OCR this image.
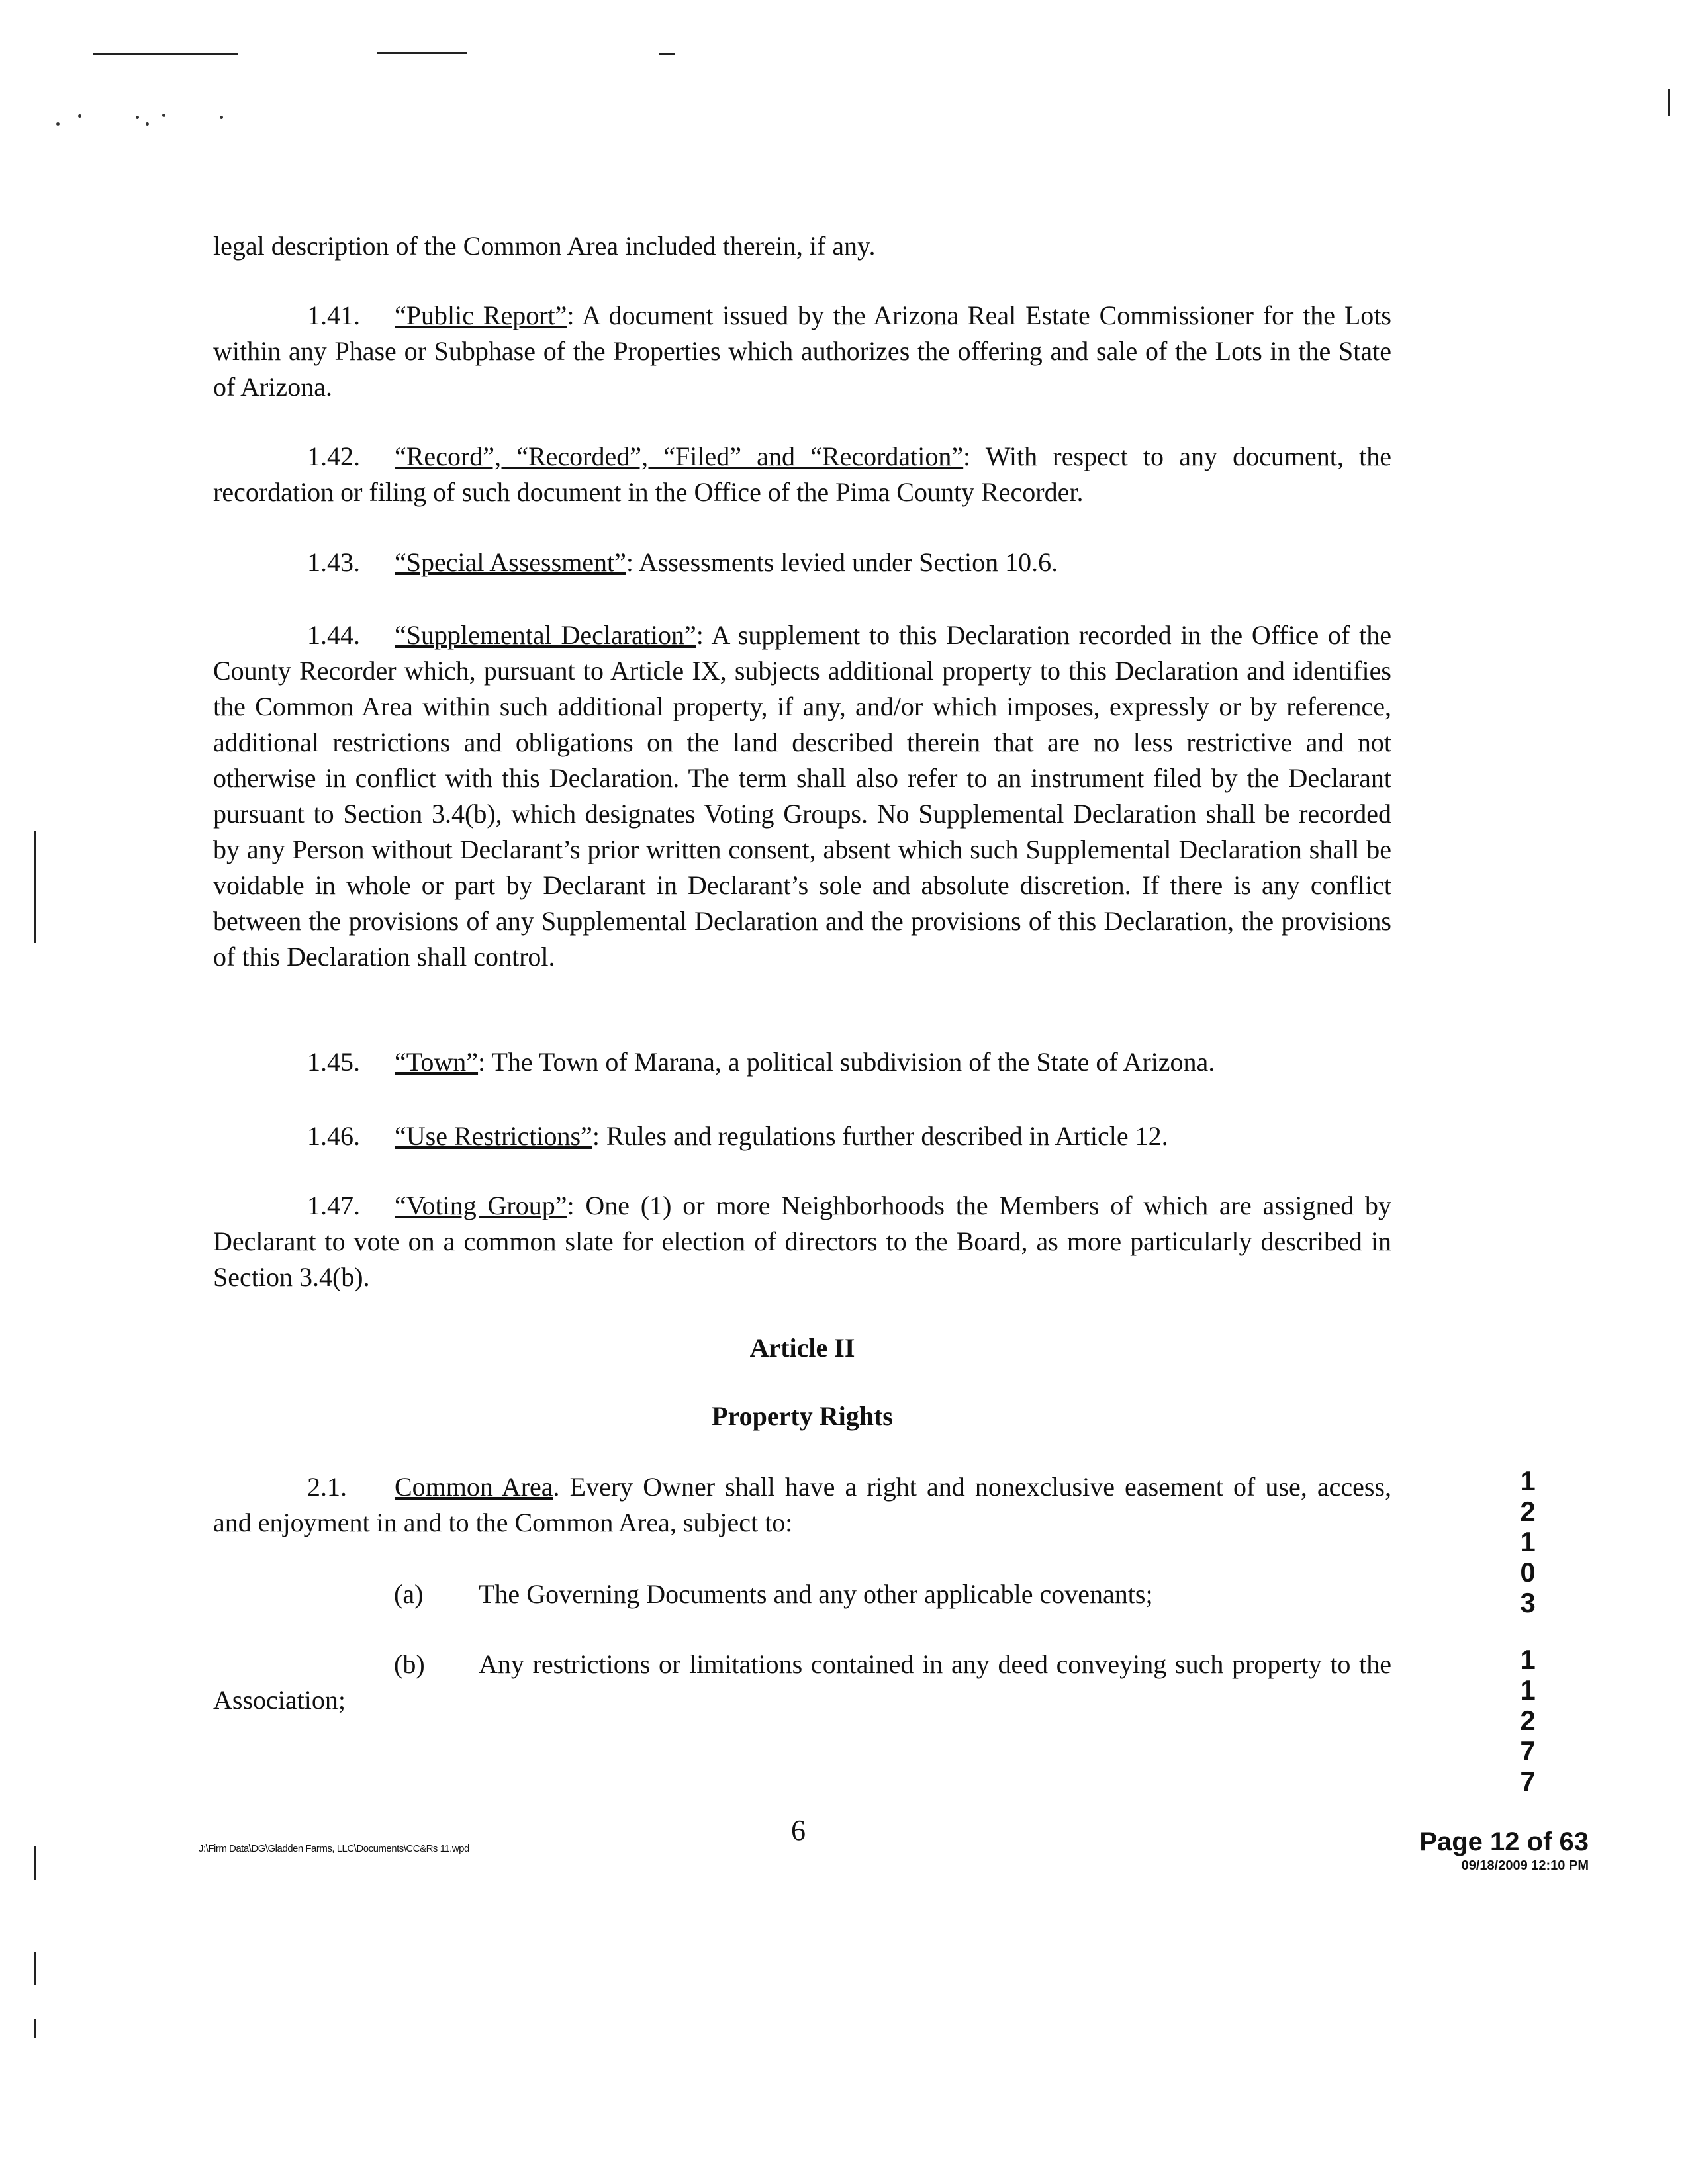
legal description of the Common Area included therein, if any.

1.41. “Public Report”: A document issued by the Arizona Real Estate Commissioner for the Lots within any Phase or Subphase of the Properties which authorizes the offering and sale of the Lots in the State of Arizona.

1.42. “Record”, “Recorded”, “Filed” and “Recordation”: With respect to any document, the recordation or filing of such document in the Office of the Pima County Recorder.

1.43. “Special Assessment”: Assessments levied under Section 10.6.

1.44. “Supplemental Declaration”: A supplement to this Declaration recorded in the Office of the County Recorder which, pursuant to Article IX, subjects additional property to this Declaration and identifies the Common Area within such additional property, if any, and/or which imposes, expressly or by reference, additional restrictions and obligations on the land described therein that are no less restrictive and not otherwise in conflict with this Declaration. The term shall also refer to an instrument filed by the Declarant pursuant to Section 3.4(b), which designates Voting Groups. No Supplemental Declaration shall be recorded by any Person without Declarant’s prior written consent, absent which such Supplemental Declaration shall be voidable in whole or part by Declarant in Declarant’s sole and absolute discretion. If there is any conflict between the provisions of any Supplemental Declaration and the provisions of this Declaration, the provisions of this Declaration shall control.

1.45. “Town”: The Town of Marana, a political subdivision of the State of Arizona.

1.46. “Use Restrictions”: Rules and regulations further described in Article 12.

1.47. “Voting Group”: One (1) or more Neighborhoods the Members of which are assigned by Declarant to vote on a common slate for election of directors to the Board, as more particularly described in Section 3.4(b).

Article II

Property Rights

2.1. Common Area. Every Owner shall have a right and nonexclusive easement of use, access, and enjoyment in and to the Common Area, subject to:

(a) The Governing Documents and any other applicable covenants;

(b) Any restrictions or limitations contained in any deed conveying such property to the Association;

6
J:\Firm Data\DG\Gladden Farms, LLC\Documents\CC&Rs 11.wpd	Page 12 of 63
09/18/2009 12:10 PM
1
2
1
0
3
1
1
2
7
7
